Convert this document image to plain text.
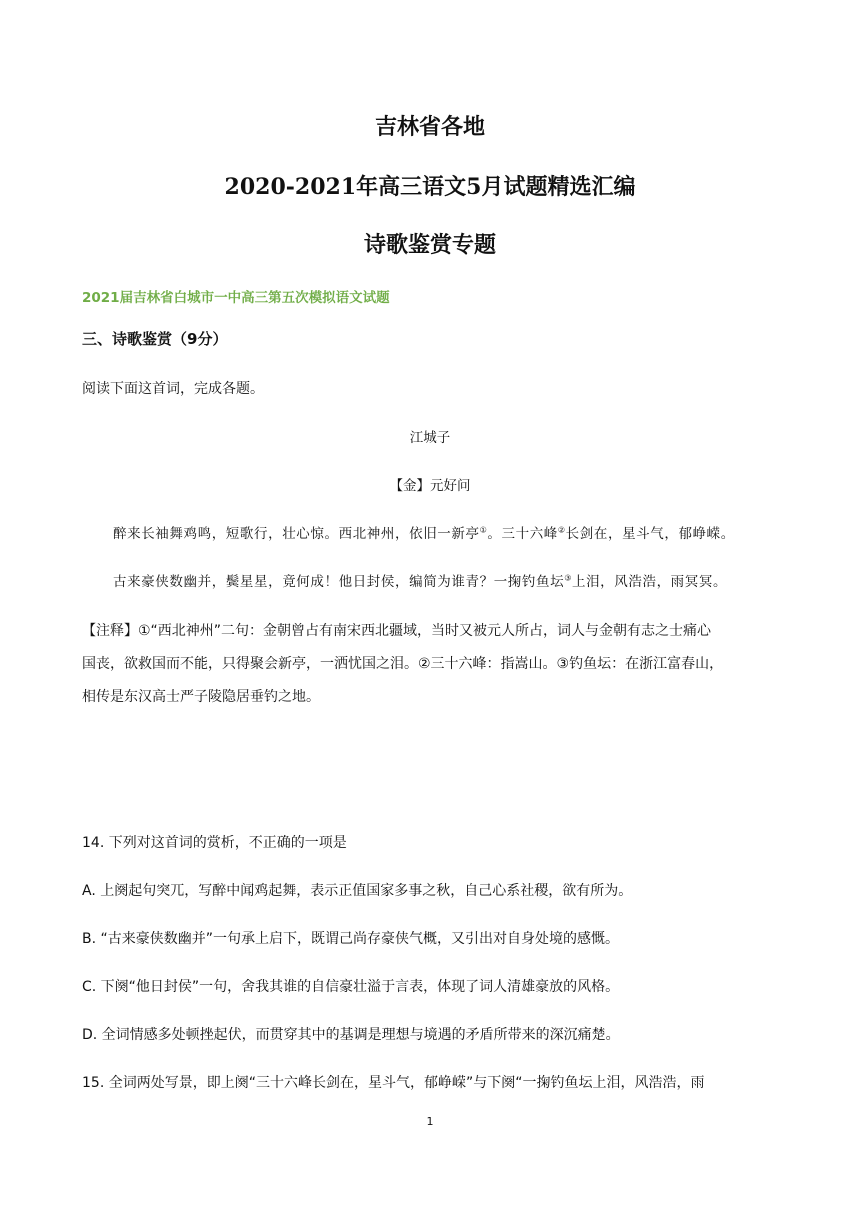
吉林省各地
2020-2021年高三语文5月试题精选汇编
诗歌鉴赏专题
2021届吉林省白城市一中高三第五次模拟语文试题
三、诗歌鉴赏（9分）
阅读下面这首词，完成各题。
江城子
【金】元好问
醉来长袖舞鸡鸣，短歌行，壮心惊。西北神州，依旧一新亭①。三十六峰②长剑在，星斗气，郁峥嵘。
古来豪侠数幽并，鬓星星，竟何成！他日封侯，编简为谁青？一掬钓鱼坛③上泪，风浩浩，雨冥冥。
【注释】①“西北神州”二句：金朝曾占有南宋西北疆域，当时又被元人所占，词人与金朝有志之士痛心
国丧，欲救国而不能，只得聚会新亭，一洒忧国之泪。②三十六峰：指嵩山。③钓鱼坛：在浙江富春山，
相传是东汉高士严子陵隐居垂钓之地。
14. 下列对这首词的赏析，不正确的一项是
A. 上阕起句突兀，写醉中闻鸡起舞，表示正值国家多事之秋，自己心系社稷，欲有所为。
B. “古来豪侠数幽并”一句承上启下，既谓己尚存豪侠气概，又引出对自身处境的感慨。
C. 下阕“他日封侯”一句，舍我其谁的自信豪壮溢于言表，体现了词人清雄豪放的风格。
D. 全词情感多处顿挫起伏，而贯穿其中的基调是理想与境遇的矛盾所带来的深沉痛楚。
15. 全词两处写景，即上阕“三十六峰长剑在，星斗气，郁峥嵘”与下阕“一掬钓鱼坛上泪，风浩浩，雨
1
